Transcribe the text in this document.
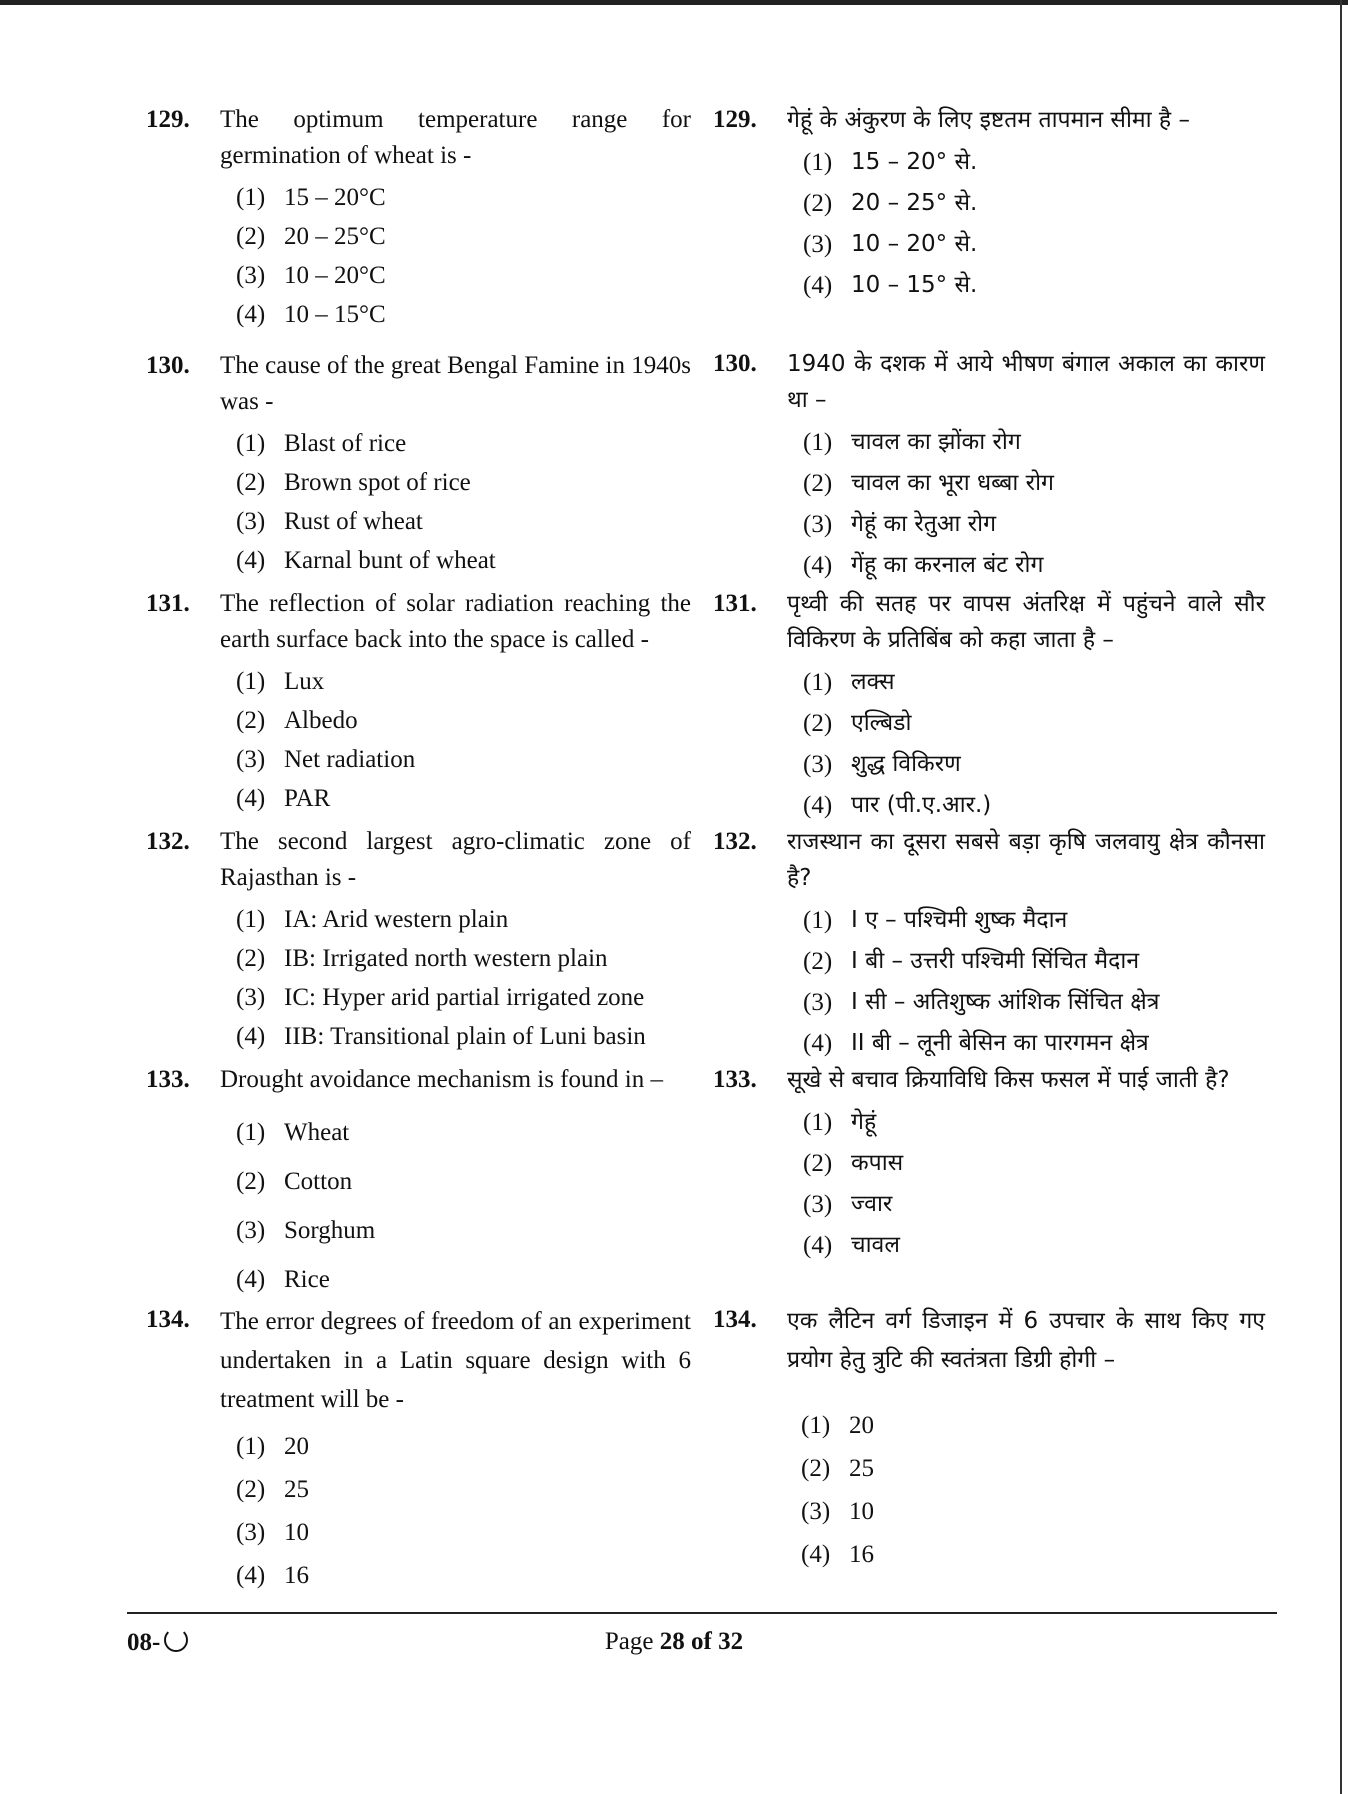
129. The optimum temperature range for germination of wheat is -
(1) 15 – 20°C
(2) 20 – 25°C
(3) 10 – 20°C
(4) 10 – 15°C
130. The cause of the great Bengal Famine in 1940s was -
(1) Blast of rice
(2) Brown spot of rice
(3) Rust of wheat
(4) Karnal bunt of wheat
131. The reflection of solar radiation reaching the earth surface back into the space is called -
(1) Lux
(2) Albedo
(3) Net radiation
(4) PAR
132. The second largest agro-climatic zone of Rajasthan is -
(1) IA: Arid western plain
(2) IB: Irrigated north western plain
(3) IC: Hyper arid partial irrigated zone
(4) IIB: Transitional plain of Luni basin
133. Drought avoidance mechanism is found in –
(1) Wheat
(2) Cotton
(3) Sorghum
(4) Rice
134. The error degrees of freedom of an experiment undertaken in a Latin square design with 6 treatment will be -
(1) 20
(2) 25
(3) 10
(4) 16
129. गेहूं के अंकुरण के लिए इष्टतम तापमान सीमा है –
(1) 15 – 20° से.
(2) 20 – 25° से.
(3) 10 – 20° से.
(4) 10 – 15° से.
130. 1940 के दशक में आये भीषण बंगाल अकाल का कारण था –
(1) चावल का झोंका रोग
(2) चावल का भूरा धब्बा रोग
(3) गेहूं का रेतुआ रोग
(4) गेंहू का करनाल बंट रोग
131. पृथ्वी की सतह पर वापस अंतरिक्ष में पहुंचने वाले सौर विकिरण के प्रतिबिंब को कहा जाता है –
(1) लक्स
(2) एल्बिडो
(3) शुद्ध विकिरण
(4) पार (पी.ए.आर.)
132. राजस्थान का दूसरा सबसे बड़ा कृषि जलवायु क्षेत्र कौनसा है?
(1) I ए – पश्चिमी शुष्क मैदान
(2) I बी – उत्तरी पश्चिमी सिंचित मैदान
(3) I सी – अतिशुष्क आंशिक सिंचित क्षेत्र
(4) II बी – लूनी बेसिन का पारगमन क्षेत्र
133. सूखे से बचाव क्रियाविधि किस फसल में पाई जाती है?
(1) गेहूं
(2) कपास
(3) ज्वार
(4) चावल
134. एक लैटिन वर्ग डिजाइन में 6 उपचार के साथ किए गए प्रयोग हेतु त्रुटि की स्वतंत्रता डिग्री होगी –
(1) 20
(2) 25
(3) 10
(4) 16
08-	Page 28 of 32
